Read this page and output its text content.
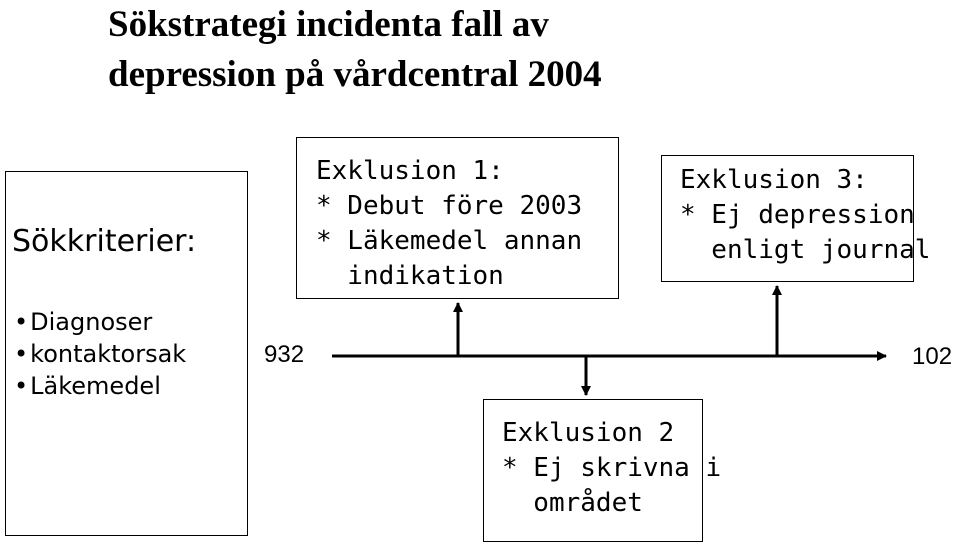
Sökstrategi incidenta fall av
depression på vårdcentral 2004
Sökkriterier:
• Diagnoser
• kontaktorsak
• Läkemedel
Exklusion 1:
* Debut före 2003
* Läkemedel annan
indikation
Exklusion 3:
* Ej depression
enligt journal
Exklusion 2
* Ej skrivna i
området
932	102
